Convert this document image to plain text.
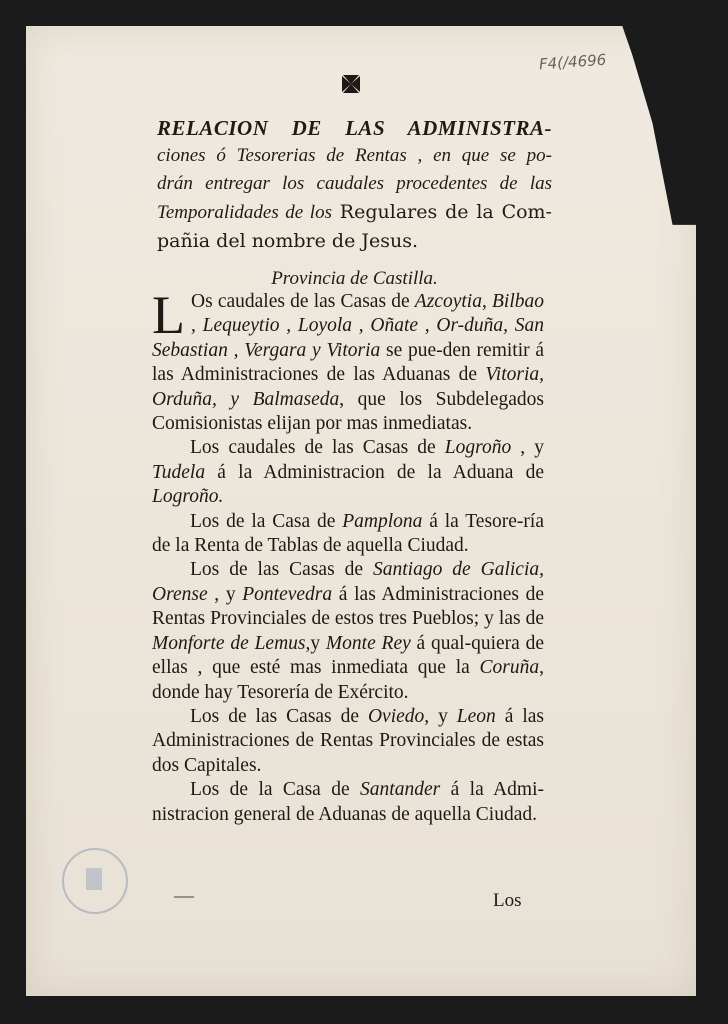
F4(/4696
RELACION DE LAS ADMINISTRA-
ciones ó Tesorerias de Rentas , en que se po-
drán entregar los caudales procedentes de las
Temporalidades de los Regulares de la Com-
pañia del nombre de Jesus.
Provincia de Castilla.

L Os caudales de las Casas de Azcoytia, Bilbao , Lequeytio , Loyola , Oñate , Or-duña, San Sebastian , Vergara y Vitoria se pue-den remitir á las Administraciones de las Aduanas de Vitoria, Orduña, y Balmaseda, que los Subdelegados Comisionistas elijan por mas inmediatas.

Los caudales de las Casas de Logroño , y Tudela á la Administracion de la Aduana de Logroño.

Los de la Casa de Pamplona á la Tesore-ría de la Renta de Tablas de aquella Ciudad.

Los de las Casas de Santiago de Galicia, Orense , y Pontevedra á las Administraciones de Rentas Provinciales de estos tres Pueblos; y las de Monforte de Lemus,y Monte Rey á qual-quiera de ellas , que esté mas inmediata que la Coruña, donde hay Tesorería de Exército.

Los de las Casas de Oviedo, y Leon á las Administraciones de Rentas Provinciales de estas dos Capitales.

Los de la Casa de Santander á la Admi-nistracion general de Aduanas de aquella Ciudad.

Los
